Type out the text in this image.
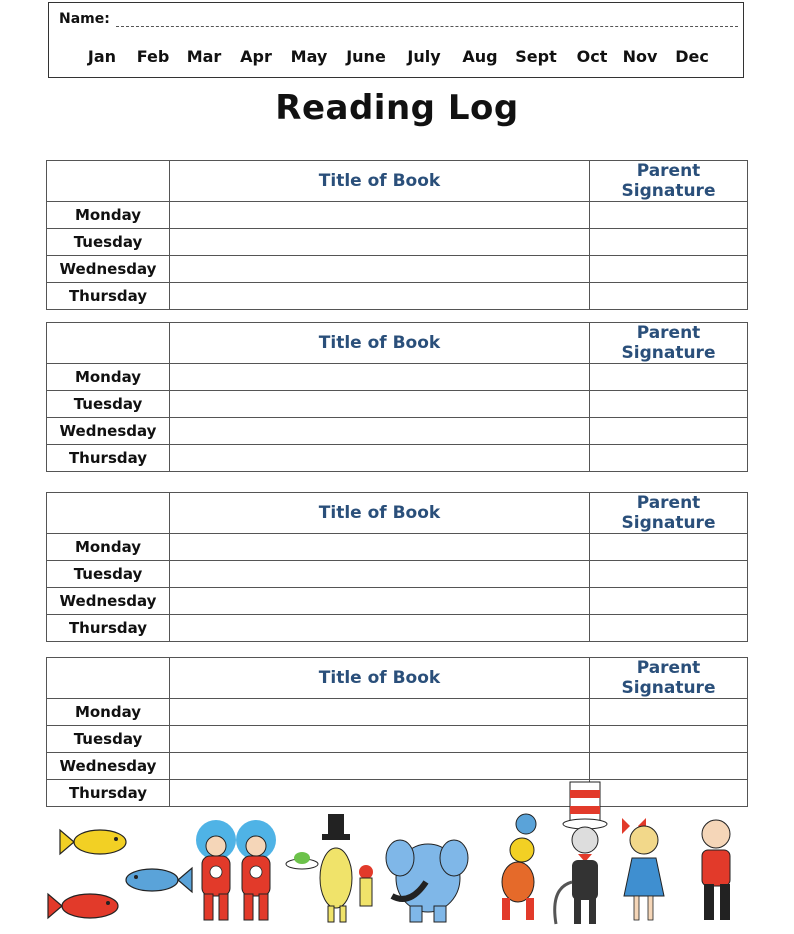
Name:
Jan Feb Mar Apr May June July Aug Sept Oct Nov Dec
Reading Log
	Title of Book	Parent Signature
Monday		
Tuesday		
Wednesday		
Thursday		
	Title of Book	Parent Signature
Monday		
Tuesday		
Wednesday		
Thursday		
	Title of Book	Parent Signature
Monday		
Tuesday		
Wednesday		
Thursday		
	Title of Book	Parent Signature
Monday		
Tuesday		
Wednesday		
Thursday		
